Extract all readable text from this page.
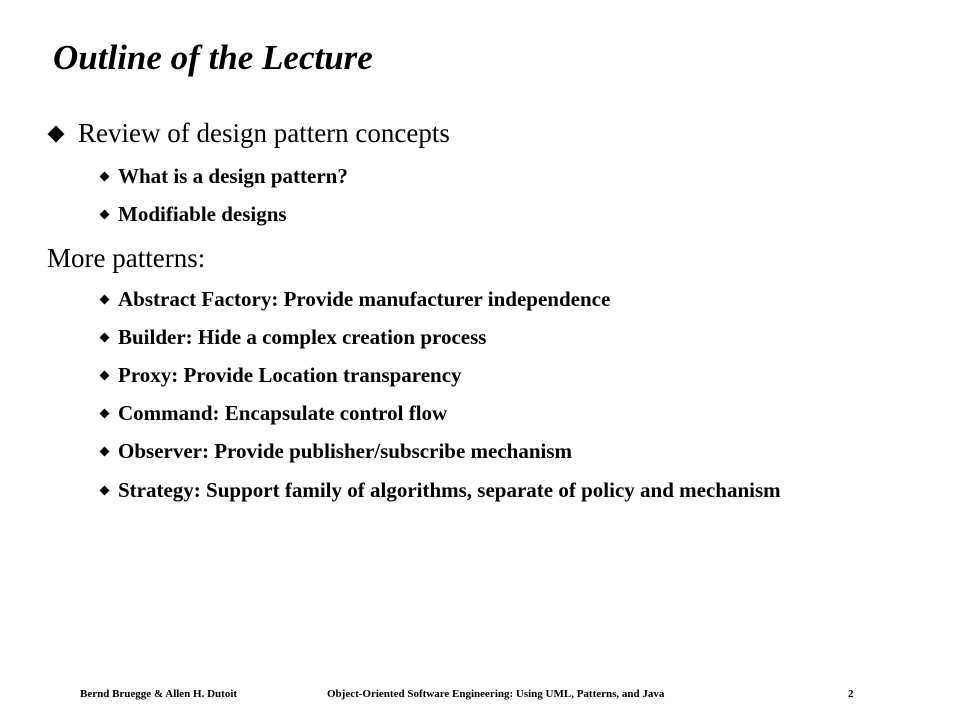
Outline of the Lecture
Review of design pattern concepts
What is a design pattern?
Modifiable designs
More patterns:
Abstract Factory: Provide manufacturer independence
Builder: Hide a complex creation process
Proxy: Provide Location transparency
Command: Encapsulate control flow
Observer: Provide publisher/subscribe mechanism
Strategy: Support family of algorithms, separate of policy and mechanism
Bernd Bruegge & Allen H. Dutoit	Object-Oriented Software Engineering: Using UML, Patterns, and Java	2
